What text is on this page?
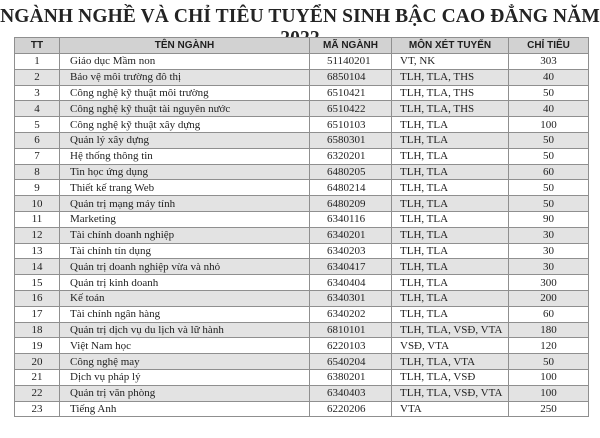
NGÀNH NGHỀ VÀ CHỈ TIÊU TUYỂN SINH BẬC CAO ĐẲNG NĂM
TT	TÊN NGÀNH	MÃ NGÀNH	MÔN XÉT TUYỂN	CHỈ TIÊU
1	Giáo dục Mầm non	51140201	VT, NK	303
2	Bảo vệ môi trường đô thị	6850104	TLH, TLA, THS	40
3	Công nghệ kỹ thuật môi trường	6510421	TLH, TLA, THS	50
4	Công nghệ kỹ thuật tài nguyên nước	6510422	TLH, TLA, THS	40
5	Công nghệ kỹ thuật xây dựng	6510103	TLH, TLA	100
6	Quản lý xây dựng	6580301	TLH, TLA	50
7	Hệ thống thông tin	6320201	TLH, TLA	50
8	Tin học ứng dụng	6480205	TLH, TLA	60
9	Thiết kế trang Web	6480214	TLH, TLA	50
10	Quản trị mạng máy tính	6480209	TLH, TLA	50
11	Marketing	6340116	TLH, TLA	90
12	Tài chính doanh nghiệp	6340201	TLH, TLA	30
13	Tài chính tín dụng	6340203	TLH, TLA	30
14	Quản trị doanh nghiệp vừa và nhỏ	6340417	TLH, TLA	30
15	Quản trị kinh doanh	6340404	TLH, TLA	300
16	Kế toán	6340301	TLH, TLA	200
17	Tài chính ngân hàng	6340202	TLH, TLA	60
18	Quản trị dịch vụ du lịch và lữ hành	6810101	TLH, TLA, VSĐ, VTA	180
19	Việt Nam học	6220103	VSĐ, VTA	120
20	Công nghệ may	6540204	TLH, TLA, VTA	50
21	Dịch vụ pháp lý	6380201	TLH, TLA, VSĐ	100
22	Quản trị văn phòng	6340403	TLH, TLA, VSĐ, VTA	100
23	Tiếng Anh	6220206	VTA	250
